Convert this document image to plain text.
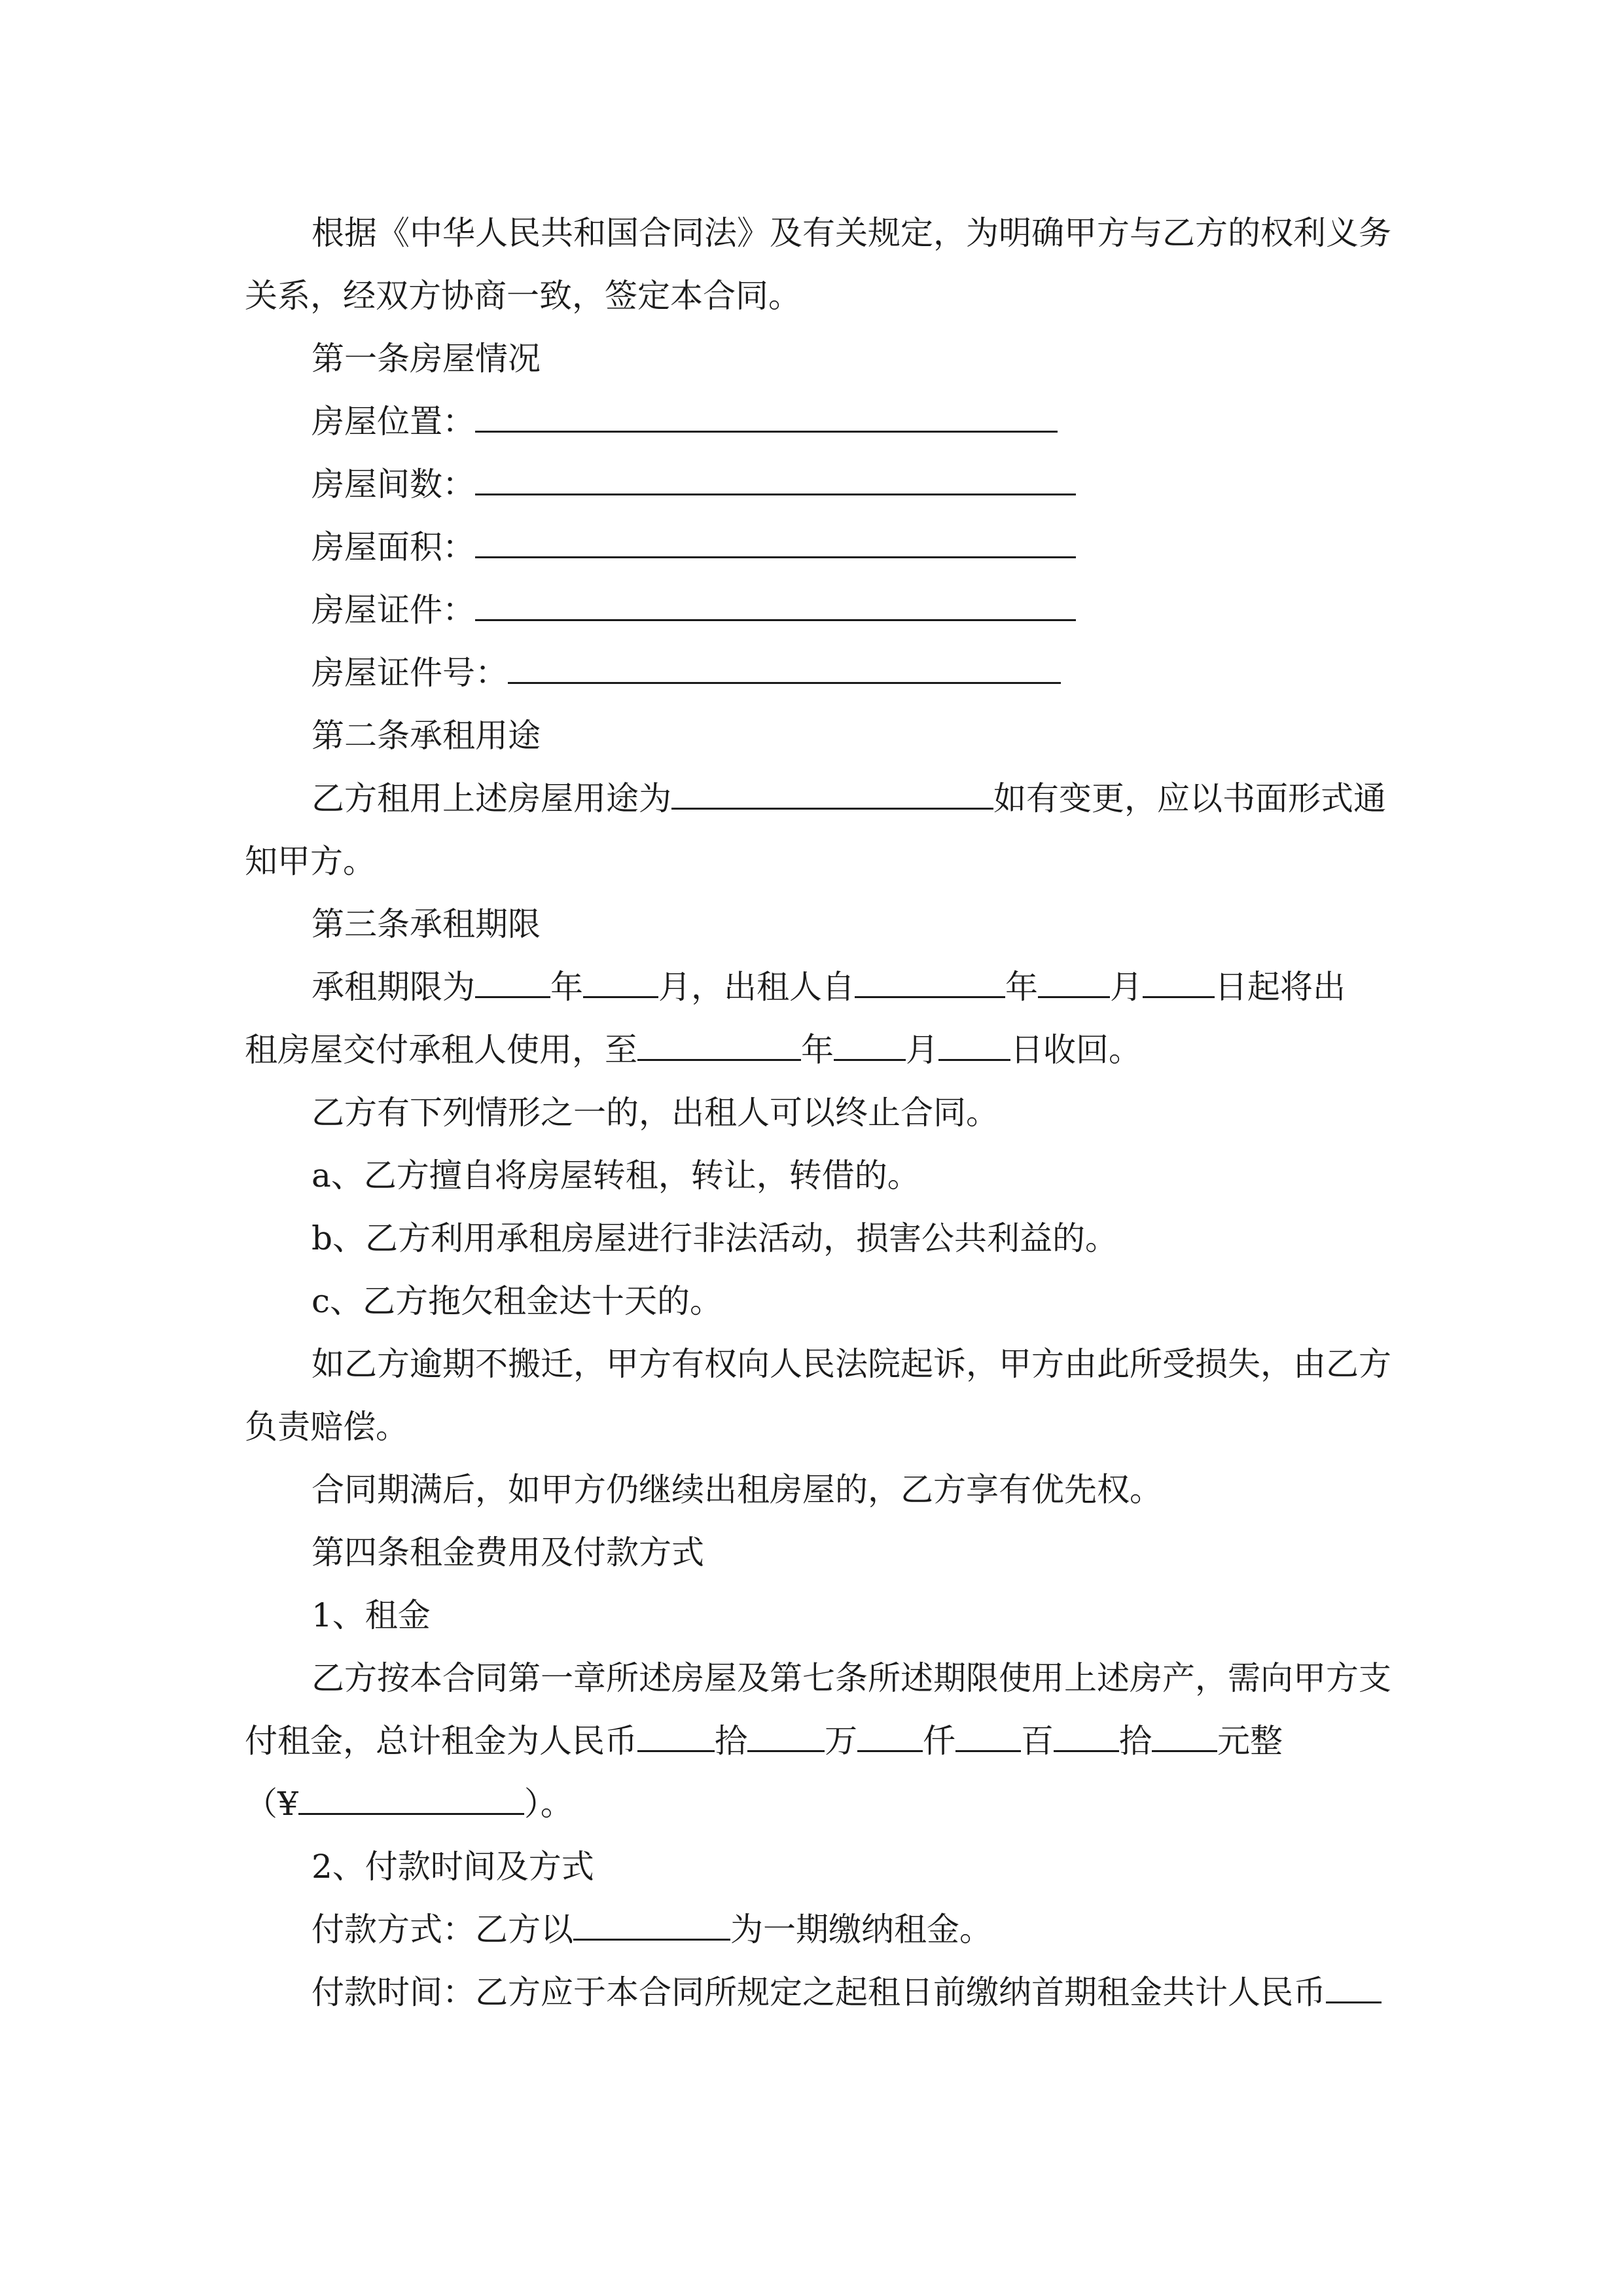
根据《中华人民共和国合同法》及有关规定，为明确甲方与乙方的权利义务
关系，经双方协商一致，签定本合同。
第一条房屋情况
房屋位置：
房屋间数：
房屋面积：
房屋证件：
房屋证件号：
第二条承租用途
乙方租用上述房屋用途为	如有变更，应以书面形式通
知甲方。
第三条承租期限
承租期限为 年 月，出租人自	年 月 日起将出
租房屋交付承租人使用，至	年 月 日收回。
乙方有下列情形之一的，出租人可以终止合同。
a、乙方擅自将房屋转租，转让，转借的。
b、乙方利用承租房屋进行非法活动，损害公共利益的。
c、乙方拖欠租金达十天的。
如乙方逾期不搬迁，甲方有权向人民法院起诉，甲方由此所受损失，由乙方
负责赔偿。
合同期满后，如甲方仍继续出租房屋的，乙方享有优先权。
第四条租金费用及付款方式
1、租金
乙方按本合同第一章所述房屋及第七条所述期限使用上述房产，需向甲方支
付租金，总计租金为人民币 拾 万 仟 百 拾 元整
（¥	）。
2、付款时间及方式
付款方式：乙方以	为一期缴纳租金。
付款时间：乙方应于本合同所规定之起租日前缴纳首期租金共计人民币
